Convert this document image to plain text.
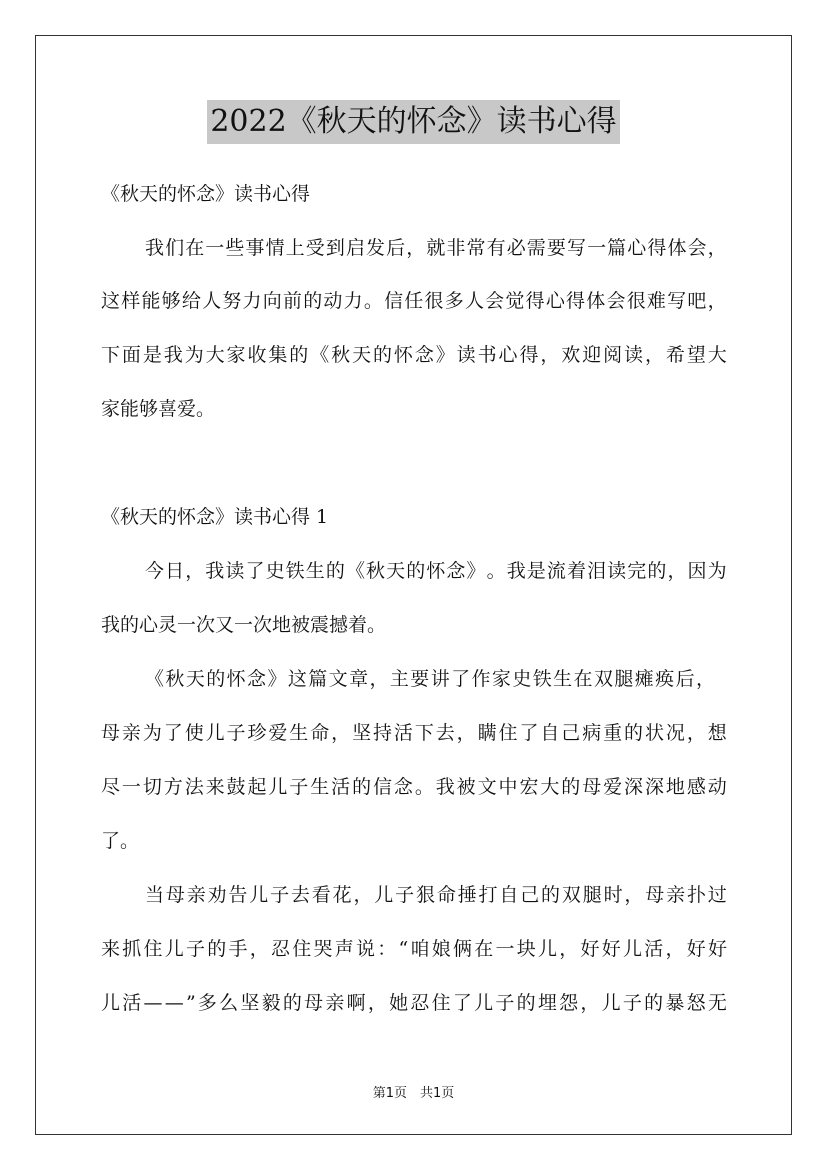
2022《秋天的怀念》读书心得
《秋天的怀念》读书心得
我 们 在 一 些 事 情 上 受 到 启 发 后 ， 就 非 常 有 必 需 要 写 一 篇 心 得 体 会 ，
这 样 能 够 给 人 努 力 向 前 的 动 力 。 信 任 很 多 人 会 觉 得 心 得 体 会 很 难 写 吧 ，
下 面 是 我 为 大 家 收 集 的 《 秋 天 的 怀 念 》 读 书 心 得 ， 欢 迎 阅 读 ， 希 望 大
家能够喜爱。
《秋天的怀念》读书心得 1
今 日 ， 我 读 了 史 铁 生 的 《 秋 天 的 怀 念 》 。 我 是 流 着 泪 读 完 的 ， 因 为
我的心灵一次又一次地被震撼着。
《 秋 天 的 怀 念 》 这 篇 文 章 ， 主 要 讲 了 作 家 史 铁 生 在 双 腿 瘫 痪 后 ，
母 亲 为 了 使 儿 子 珍 爱 生 命 ， 坚 持 活 下 去 ， 瞒 住 了 自 己 病 重 的 状 况 ， 想
尽 一 切 方 法 来 鼓 起 儿 子 生 活 的 信 念 。 我 被 文 中 宏 大 的 母 爱 深 深 地 感 动
了。
当 母 亲 劝 告 儿 子 去 看 花 ， 儿 子 狠 命 捶 打 自 己 的 双 腿 时 ， 母 亲 扑 过
来 抓 住 儿 子 的 手 ， 忍 住 哭 声 说 ： “ 咱 娘 俩 在 一 块 儿 ， 好 好 儿 活 ， 好 好
儿 活 — — ” 多 么 坚 毅 的 母 亲 啊 ， 她 忍 住 了 儿 子 的 埋 怨 ， 儿 子 的 暴 怒 无
第1页　共1页
